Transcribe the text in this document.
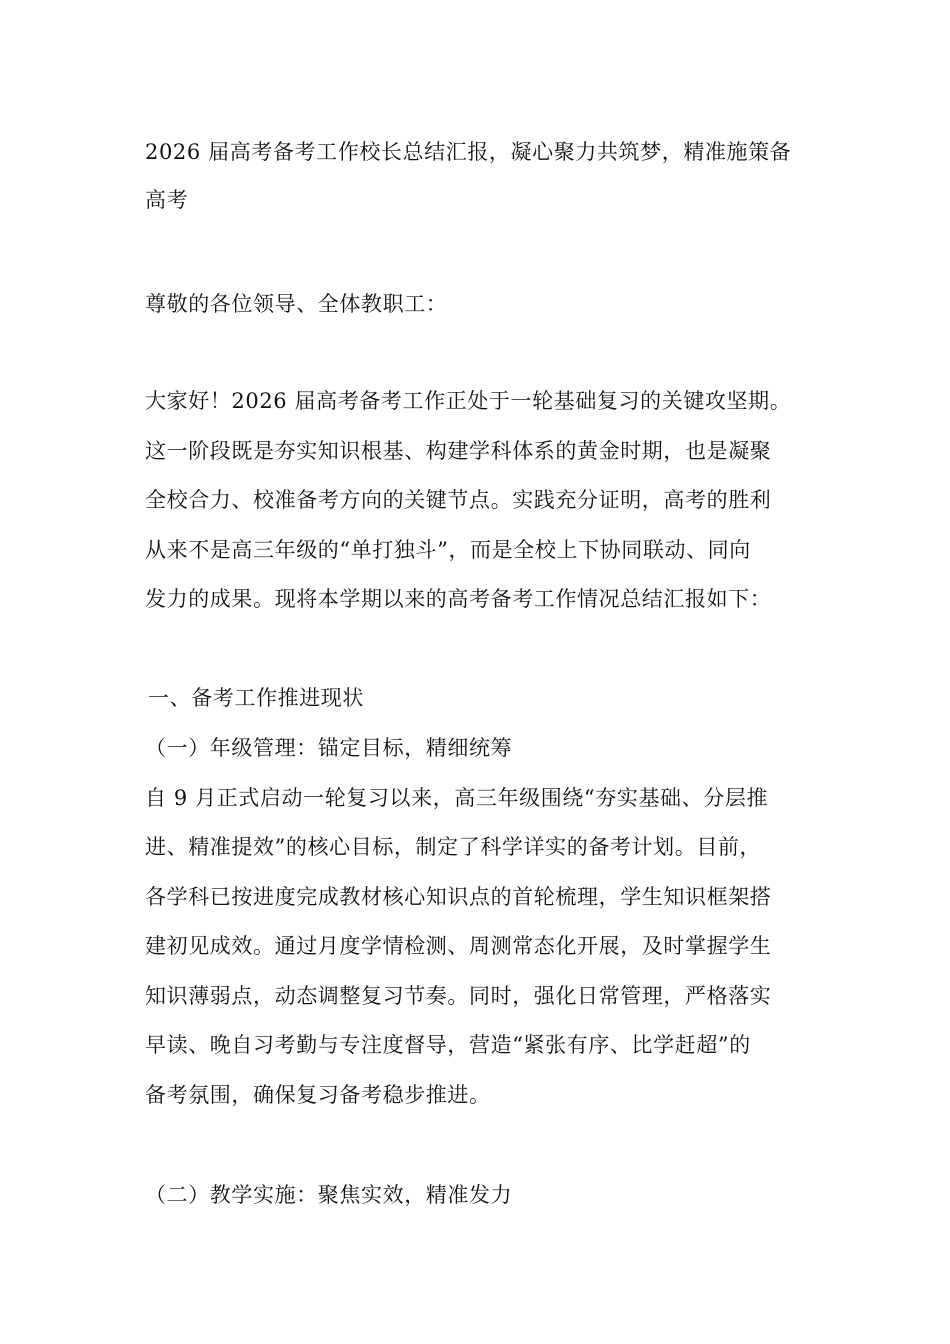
2026 届高考备考工作校长总结汇报，凝心聚力共筑梦，精准施策备
高考
尊敬的各位领导、全体教职工：
大家好！2026 届高考备考工作正处于一轮基础复习的关键攻坚期。
这一阶段既是夯实知识根基、构建学科体系的黄金时期，也是凝聚
全校合力、校准备考方向的关键节点。实践充分证明，高考的胜利
从来不是高三年级的“单打独斗”，而是全校上下协同联动、同向
发力的成果。现将本学期以来的高考备考工作情况总结汇报如下：
一、备考工作推进现状
（一）年级管理：锚定目标，精细统筹
自 9 月正式启动一轮复习以来，高三年级围绕“夯实基础、分层推
进、精准提效”的核心目标，制定了科学详实的备考计划。目前，
各学科已按进度完成教材核心知识点的首轮梳理，学生知识框架搭
建初见成效。通过月度学情检测、周测常态化开展，及时掌握学生
知识薄弱点，动态调整复习节奏。同时，强化日常管理，严格落实
早读、晚自习考勤与专注度督导，营造“紧张有序、比学赶超”的
备考氛围，确保复习备考稳步推进。
（二）教学实施：聚焦实效，精准发力
